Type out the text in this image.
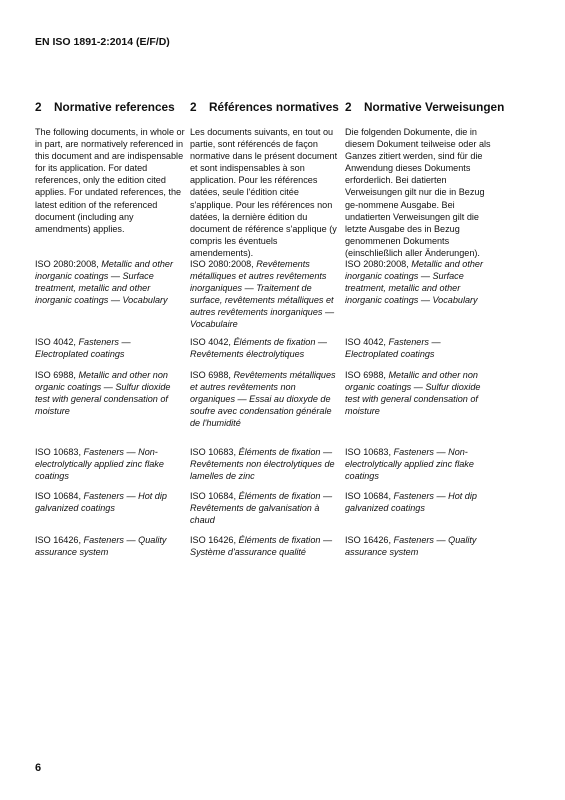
EN ISO 1891-2:2014 (E/F/D)
2 Normative references

The following documents, in whole or in part, are normatively referenced in this document and are indispensable for its application. For dated references, only the edition cited applies. For undated references, the latest edition of the referenced document (including any amendments) applies.

ISO 2080:2008, Metallic and other inorganic coatings — Surface treatment, metallic and other inorganic coatings — Vocabulary

ISO 4042, Fasteners — Electroplated coatings

ISO 6988, Metallic and other non organic coatings — Sulfur dioxide test with general condensation of moisture

ISO 10683, Fasteners — Non-electrolytically applied zinc flake coatings

ISO 10684, Fasteners — Hot dip galvanized coatings

ISO 16426, Fasteners — Quality assurance system

2 Références normatives

Les documents suivants, en tout ou partie, sont référencés de façon normative dans le présent document et sont indispensables à son application. Pour les références datées, seule l'édition citée s'applique. Pour les références non datées, la dernière édition du document de référence s'applique (y compris les éventuels amendements).

ISO 2080:2008, Revêtements métalliques et autres revêtements inorganiques — Traitement de surface, revêtements métalliques et autres revêtements inorganiques — Vocabulaire

ISO 4042, Éléments de fixation — Revêtements électrolytiques

ISO 6988, Revêtements métalliques et autres revêtements non organiques — Essai au dioxyde de soufre avec condensation générale de l'humidité

ISO 10683, Éléments de fixation — Revêtements non électrolytiques de lamelles de zinc

ISO 10684, Éléments de fixation — Revêtements de galvanisation à chaud

ISO 16426, Éléments de fixation — Système d'assurance qualité

2 Normative Verweisungen

Die folgenden Dokumente, die in diesem Dokument teilweise oder als Ganzes zitiert werden, sind für die Anwendung dieses Dokuments erforderlich. Bei datierten Verweisungen gilt nur die in Bezug ge-nommene Ausgabe. Bei undatierten Verweisungen gilt die letzte Ausgabe des in Bezug genommenen Dokuments (einschließlich aller Änderungen).

ISO 2080:2008, Metallic and other inorganic coatings — Surface treatment, metallic and other inorganic coatings — Vocabulary

ISO 4042, Fasteners — Electroplated coatings

ISO 6988, Metallic and other non organic coatings — Sulfur dioxide test with general condensation of moisture

ISO 10683, Fasteners — Non-electrolytically applied zinc flake coatings

ISO 10684, Fasteners — Hot dip galvanized coatings

ISO 16426, Fasteners — Quality assurance system

6
